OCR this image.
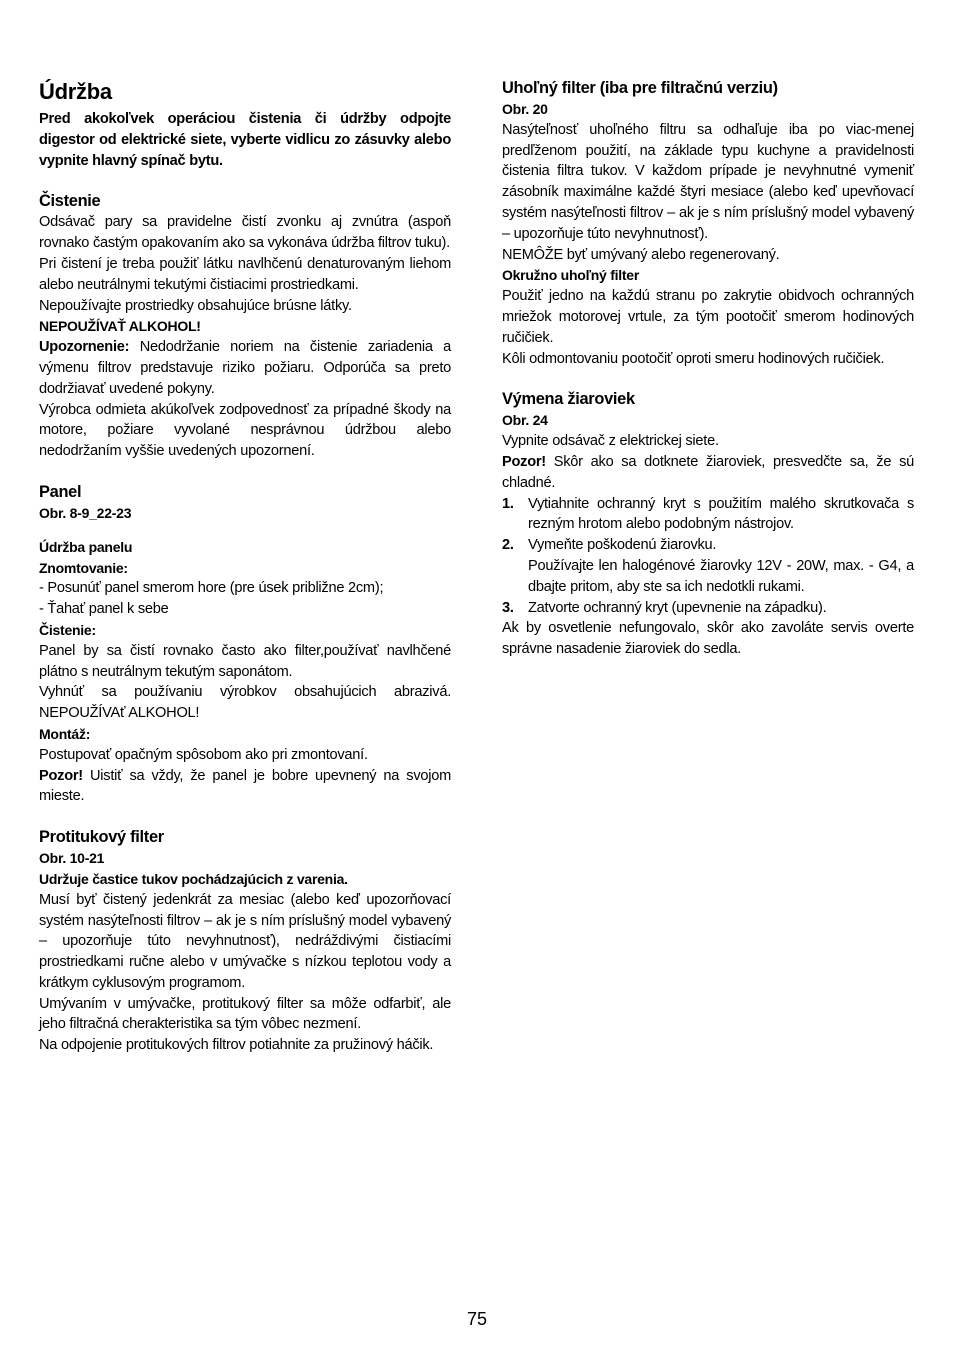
Údržba

Pred akokoľvek operáciou čistenia či údržby odpojte digestor od elektrické siete, vyberte vidlicu zo zásuvky alebo vypnite hlavný spínač bytu.

Čistenie

Odsávač pary sa pravidelne čistí zvonku aj zvnútra (aspoň rovnako častým opakovaním ako sa vykonáva údržba filtrov tuku).

Pri čistení je treba použiť látku navlhčenú denaturovaným liehom alebo neutrálnymi tekutými čistiacimi prostriedkami.

Nepoužívajte prostriedky obsahujúce brúsne látky.

NEPOUŽÍVAŤ ALKOHOL!

Upozornenie: Nedodržanie noriem na čistenie zariadenia a výmenu filtrov predstavuje riziko požiaru. Odporúča sa preto dodržiavať uvedené pokyny.

Výrobca odmieta akúkoľvek zodpovednosť za prípadné škody na motore, požiare vyvolané nesprávnou údržbou alebo nedodržaním vyššie uvedených upozornení.

Panel

Obr. 8-9_22-23

Údržba panelu

Znomtovanie:

- Posunúť panel smerom hore (pre úsek približne 2cm);

- Ťahať panel k sebe

Čistenie:

Panel by sa čistí rovnako často ako filter,používať navlhčené plátno s neutrálnym tekutým saponátom.

Vyhnúť sa používaniu výrobkov obsahujúcich abrazivá. NEPOUŽÍVAť ALKOHOL!

Montáž:

Postupovať opačným spôsobom ako pri zmontovaní.

Pozor! Uistiť sa vždy, že panel je bobre upevnený na svojom mieste.

Protitukový filter

Obr. 10-21

Udržuje častice tukov pochádzajúcich z varenia.

Musí byť čistený jedenkrát za mesiac (alebo keď upozorňovací systém nasýteľnosti filtrov – ak je s ním príslušný model vybavený – upozorňuje túto nevyhnutnosť), nedráždivými čistiacími prostriedkami ručne alebo v umývačke s nízkou teplotou vody a krátkym cyklusovým programom.

Umývaním v umývačke, protitukový filter sa môže odfarbiť, ale jeho filtračná cherakteristika sa tým vôbec nezmení.

Na odpojenie protitukových filtrov potiahnite za pružinový háčik.

Uhoľný filter (iba pre filtračnú verziu)

Obr. 20

Nasýteľnosť uhoľného filtru sa odhaľuje iba po viac-menej predľženom použití, na základe typu kuchyne a pravidelnosti čistenia filtra tukov. V každom prípade je nevyhnutné vymeniť zásobník maximálne každé štyri mesiace (alebo keď upevňovací systém nasýteľnosti filtrov – ak je s ním príslušný model vybavený – upozorňuje túto nevyhnutnosť).

NEMÔŽE byť umývaný alebo regenerovaný.

Okružno uhoľný filter

Použiť jedno na každú stranu po zakrytie obidvoch ochranných mriežok motorovej vrtule, za tým pootočiť smerom hodinových ručičiek.

Kôli odmontovaniu pootočiť oproti smeru hodinových ručičiek.

Výmena žiaroviek

Obr. 24

Vypnite odsávač z elektrickej siete.

Pozor! Skôr ako sa dotknete žiaroviek, presvedčte sa, že sú chladné.

1. Vytiahnite ochranný kryt s použitím malého skrutkovača s rezným hrotom alebo podobným nástrojov.
2. Vymeňte poškodenú žiarovku.
Používajte len halogénové žiarovky 12V - 20W, max. - G4, a dbajte pritom, aby ste sa ich nedotkli rukami.
3. Zatvorte ochranný kryt (upevnenie na západku).

Ak by osvetlenie nefungovalo, skôr ako zavoláte servis overte správne nasadenie žiaroviek do sedla.

75
